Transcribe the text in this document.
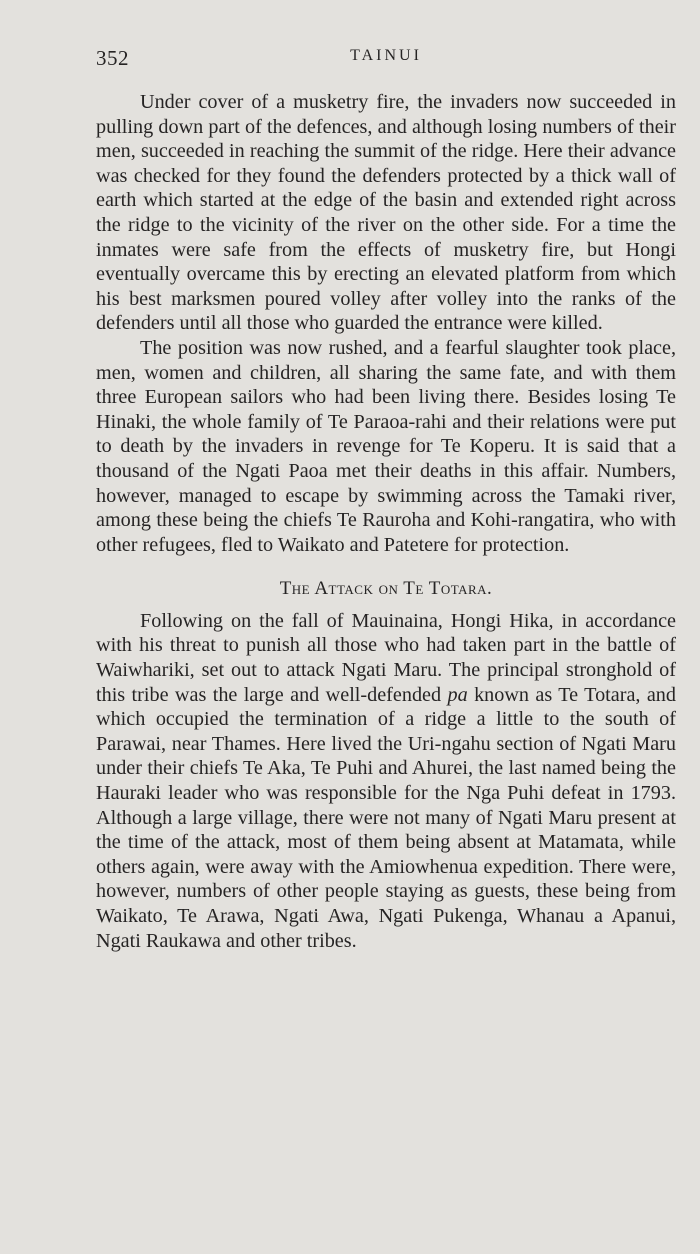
352	TAINUI

Under cover of a musketry fire, the invaders now succeeded in pulling down part of the defences, and although losing numbers of their men, succeeded in reaching the summit of the ridge. Here their advance was checked for they found the defenders protected by a thick wall of earth which started at the edge of the basin and extended right across the ridge to the vicinity of the river on the other side. For a time the inmates were safe from the effects of musketry fire, but Hongi eventually overcame this by erecting an elevated platform from which his best marksmen poured volley after volley into the ranks of the defenders until all those who guarded the entrance were killed.

The position was now rushed, and a fearful slaughter took place, men, women and children, all sharing the same fate, and with them three European sailors who had been living there. Besides losing Te Hinaki, the whole family of Te Paraoa-rahi and their relations were put to death by the invaders in revenge for Te Koperu. It is said that a thousand of the Ngati Paoa met their deaths in this affair. Numbers, however, managed to escape by swimming across the Tamaki river, among these being the chiefs Te Rauroha and Kohi-rangatira, who with other refugees, fled to Waikato and Patetere for protection.

The Attack on Te Totara.

Following on the fall of Mauinaina, Hongi Hika, in accordance with his threat to punish all those who had taken part in the battle of Waiwhariki, set out to attack Ngati Maru. The principal stronghold of this tribe was the large and well-defended pa known as Te Totara, and which occupied the termination of a ridge a little to the south of Parawai, near Thames. Here lived the Uri-ngahu section of Ngati Maru under their chiefs Te Aka, Te Puhi and Ahurei, the last named being the Hauraki leader who was responsible for the Nga Puhi defeat in 1793. Although a large village, there were not many of Ngati Maru present at the time of the attack, most of them being absent at Matamata, while others again, were away with the Amiowhenua expedition. There were, however, numbers of other people staying as guests, these being from Waikato, Te Arawa, Ngati Awa, Ngati Pukenga, Whanau a Apanui, Ngati Raukawa and other tribes.
